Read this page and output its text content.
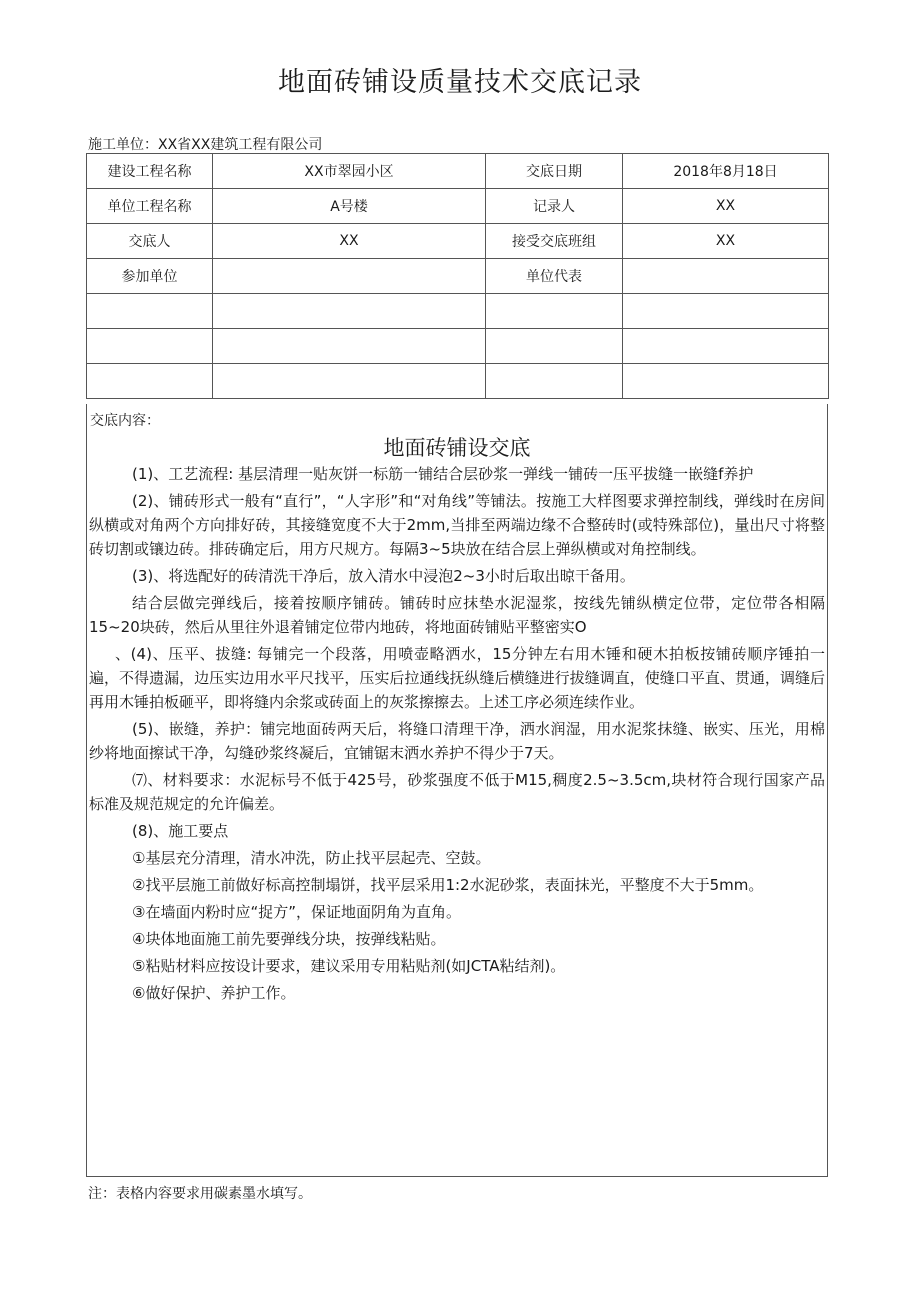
地面砖铺设质量技术交底记录
施工单位：XX省XX建筑工程有限公司
建设工程名称	XX市翠园小区	交底日期	2018年8月18日
单位工程名称	A号楼	记录人	XX
交底人	XX	接受交底班组	XX
参加单位		单位代表	

交底内容：
地面砖铺设交底

(1)、工艺流程: 基层清理一贴灰饼一标筋一铺结合层砂浆一弹线一铺砖一压平拔缝一嵌缝f养护

(2)、铺砖形式一般有“直行”，“人字形”和“对角线”等铺法。按施工大样图要求弹控制线，弹线时在房间纵横或对角两个方向排好砖，其接缝宽度不大于2mm,当排至两端边缘不合整砖时(或特殊部位)，量出尺寸将整砖切割或镶边砖。排砖确定后，用方尺规方。每隔3~5块放在结合层上弹纵横或对角控制线。

(3)、将选配好的砖清洗干净后，放入清水中浸泡2~3小时后取出晾干备用。

结合层做完弹线后，接着按顺序铺砖。铺砖时应抹垫水泥湿浆，按线先铺纵横定位带，定位带各相隔15~20块砖，然后从里往外退着铺定位带内地砖，将地面砖铺贴平整密实O

、(4)、压平、拔缝: 每铺完一个段落，用喷壶略洒水，15分钟左右用木锤和硬木拍板按铺砖顺序锤拍一遍，不得遗漏，边压实边用水平尺找平，压实后拉通线抚纵缝后横缝进行拔缝调直，使缝口平直、贯通，调缝后再用木锤拍板砸平，即将缝内余浆或砖面上的灰浆擦擦去。上述工序必须连续作业。

(5)、嵌缝，养护：铺完地面砖两天后，将缝口清理干净，洒水润湿，用水泥浆抹缝、嵌实、压光，用棉纱将地面擦试干净，勾缝砂浆终凝后，宜铺锯末洒水养护不得少于7天。

⑺、材料要求：水泥标号不低于425号，砂浆强度不低于M15,稠度2.5~3.5cm,块材符合现行国家产品标准及规范规定的允许偏差。

(8)、施工要点

①基层充分清理，清水冲洗，防止找平层起壳、空鼓。

②找平层施工前做好标高控制塌饼，找平层采用1:2水泥砂浆，表面抹光，平整度不大于5mm。

③在墙面内粉时应“捉方”，保证地面阴角为直角。

④块体地面施工前先要弹线分块，按弹线粘贴。

⑤粘贴材料应按设计要求，建议采用专用粘贴剂(如JCTA粘结剂)。

⑥做好保护、养护工作。

注：表格内容要求用碳素墨水填写。
